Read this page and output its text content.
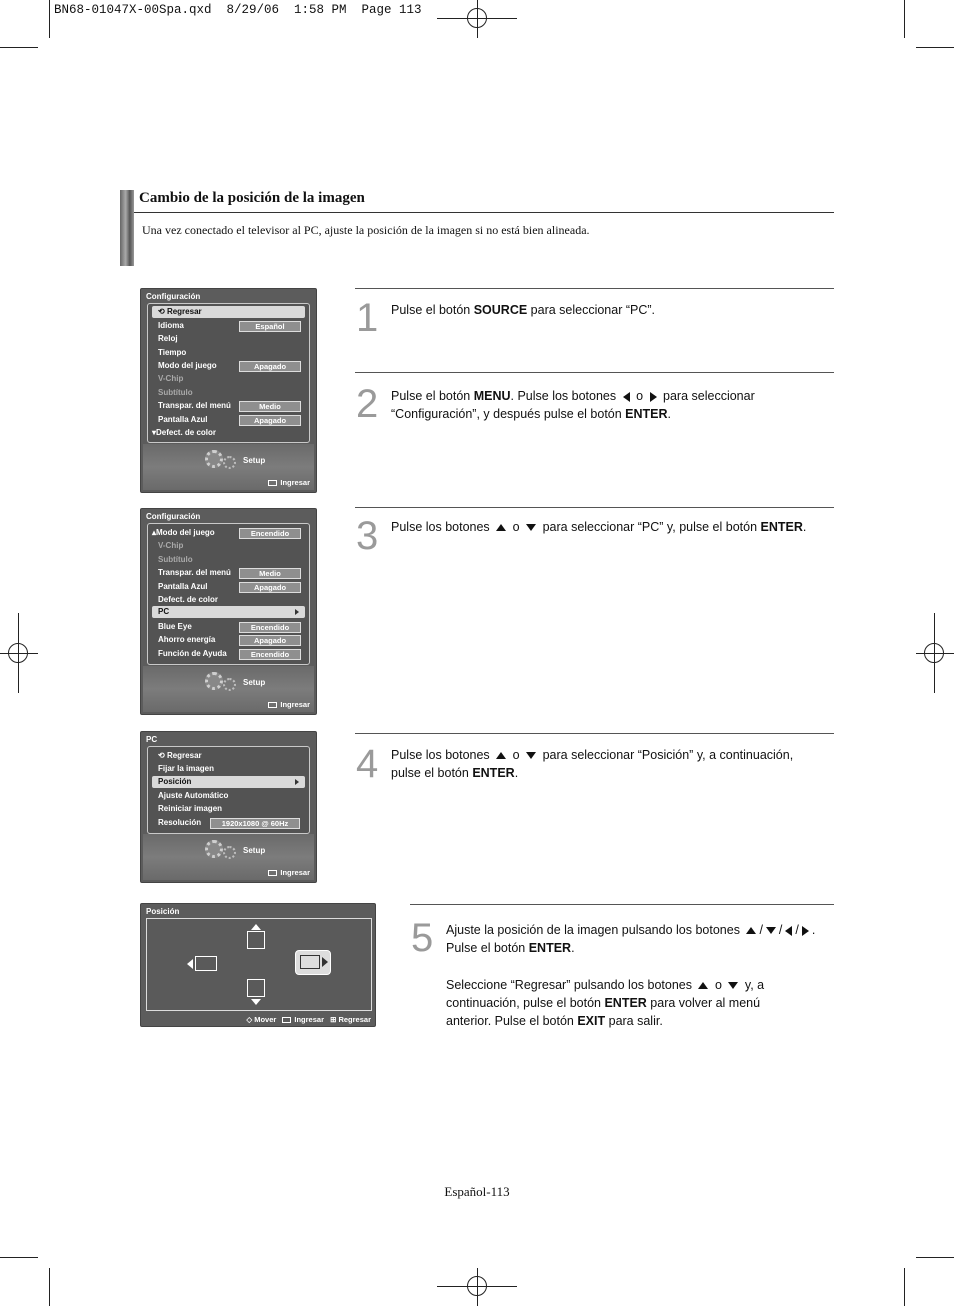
BN68-01047X-00Spa.qxd  8/29/06  1:58 PM  Page 113
Cambio de la posición de la imagen
Una vez conectado el televisor al PC, ajuste la posición de la imagen si no está bien alineada.
1 Pulse el botón SOURCE para seleccionar “PC”.
2 Pulse el botón MENU. Pulse los botones o para seleccionar
“Configuración”, y después pulse el botón ENTER.
3 Pulse los botones o para seleccionar “PC” y, pulse el botón ENTER.
4 Pulse los botones o para seleccionar “Posición” y, a continuación,
pulse el botón ENTER.
5 Ajuste la posición de la imagen pulsando los botones / / / .
Pulse el botón ENTER.
Seleccione “Regresar” pulsando los botones o y, a
continuación, pulse el botón ENTER para volver al menú
anterior. Pulse el botón EXIT para salir.
Configuración
⟲ Regresar
Idioma	Español
Reloj
Tiempo
Modo del juego	Apagado
V-Chip
Subtítulo
Transpar. del menú	Medio
Pantalla Azul	Apagado
▾Defect. de color
Setup
Ingresar
Configuración
▴Modo del juego	Encendido
V-Chip
Subtítulo
Transpar. del menú	Medio
Pantalla Azul	Apagado
Defect. de color
PC
Blue Eye	Encendido
Ahorro energía	Apagado
Función de Ayuda	Encendido
Setup
Ingresar
PC
⟲ Regresar
Fijar la imagen
Posición
Ajuste Automático
Reiniciar imagen
Resolución	1920x1080 @ 60Hz
Setup
Ingresar
Posición
◇ Mover Ingresar ⊞ Regresar
Español-113
